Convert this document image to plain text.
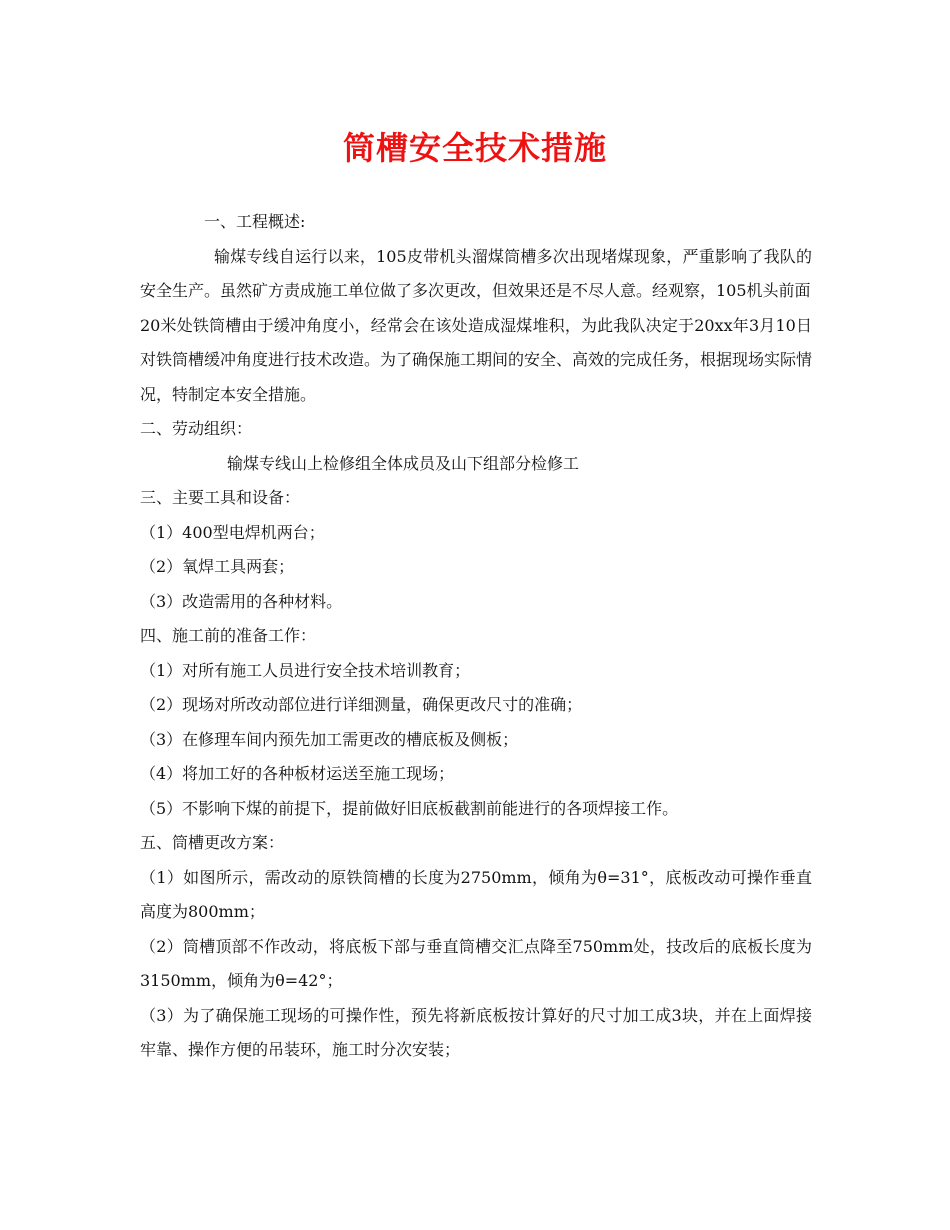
筒槽安全技术措施

一、工程概述:

输煤专线自运行以来，105皮带机头溜煤筒槽多次出现堵煤现象，严重影响了我队的安全生产。虽然矿方责成施工单位做了多次更改，但效果还是不尽人意。经观察，105机头前面

20米处铁筒槽由于缓冲角度小，经常会在该处造成湿煤堆积，为此我队决定于20xx年3月10日对铁筒槽缓冲角度进行技术改造。为了确保施工期间的安全、高效的完成任务，根据现场实际情况，特制定本安全措施。

二、劳动组织：

输煤专线山上检修组全体成员及山下组部分检修工

三、主要工具和设备：

（1）400型电焊机两台；

（2）氧焊工具两套；

（3）改造需用的各种材料。

四、施工前的准备工作：

（1）对所有施工人员进行安全技术培训教育；

（2）现场对所改动部位进行详细测量，确保更改尺寸的准确；

（3）在修理车间内预先加工需更改的槽底板及侧板；

（4）将加工好的各种板材运送至施工现场；

（5）不影响下煤的前提下，提前做好旧底板截割前能进行的各项焊接工作。

五、筒槽更改方案：

（1）如图所示，需改动的原铁筒槽的长度为2750mm，倾角为θ=31°，底板改动可操作垂直高度为800mm；

（2）筒槽顶部不作改动，将底板下部与垂直筒槽交汇点降至750mm处，技改后的底板长度为3150mm，倾角为θ=42°；

（3）为了确保施工现场的可操作性，预先将新底板按计算好的尺寸加工成3块，并在上面焊接牢靠、操作方便的吊装环，施工时分次安装；
